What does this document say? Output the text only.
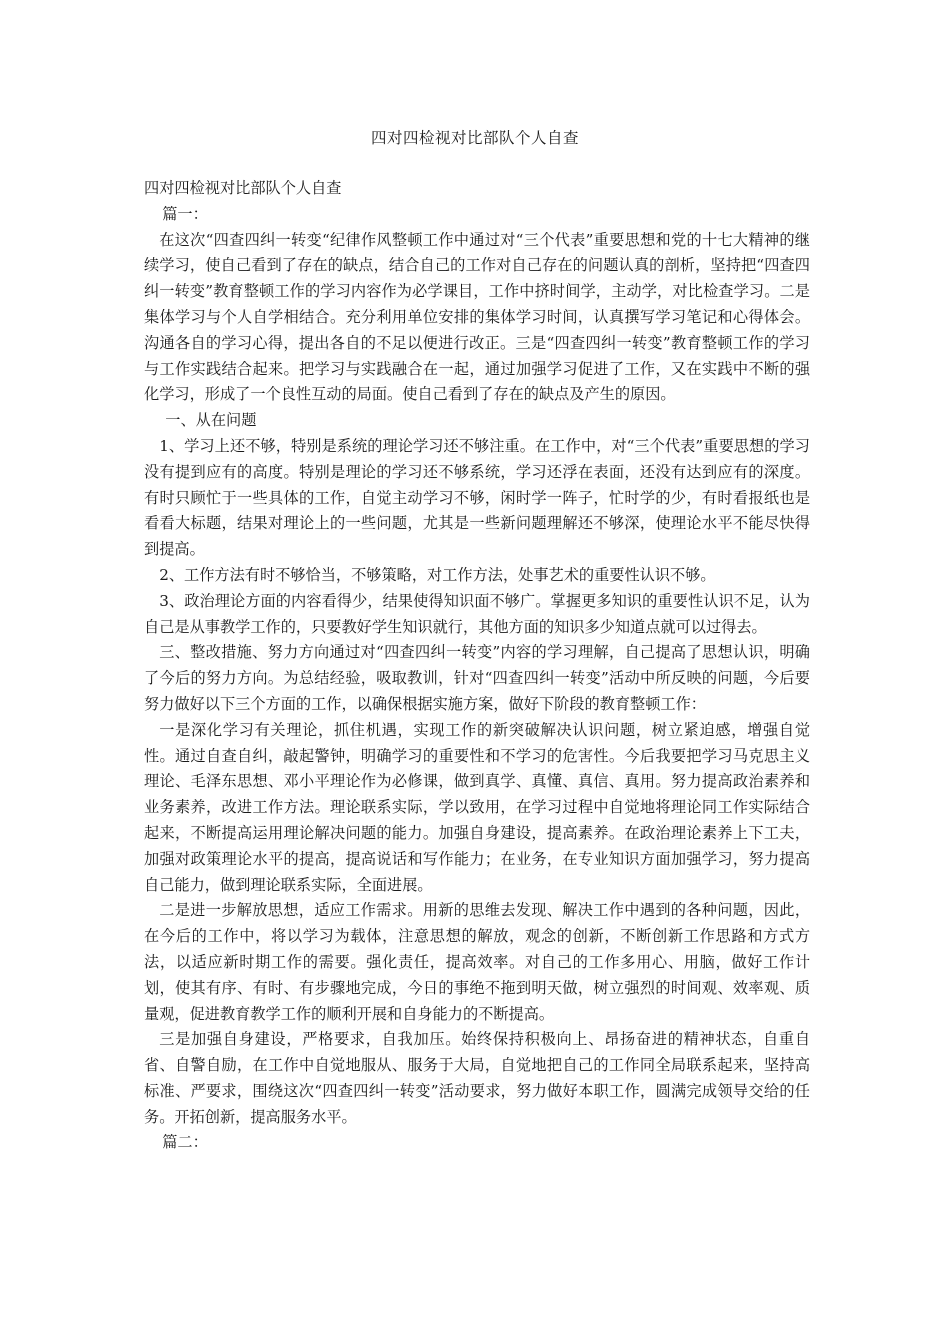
四对四检视对比部队个人自查

四对四检视对比部队个人自查

篇一：

在这次“四查四纠一转变“纪律作风整顿工作中通过对“三个代表”重要思想和党的十七大精神的继续学习，使自己看到了存在的缺点，结合自己的工作对自己存在的问题认真的剖析，坚持把“四查四纠一转变”教育整顿工作的学习内容作为必学课目，工作中挤时间学，主动学，对比检查学习。二是集体学习与个人自学相结合。充分利用单位安排的集体学习时间，认真撰写学习笔记和心得体会。沟通各自的学习心得，提出各自的不足以便进行改正。三是“四查四纠一转变”教育整顿工作的学习与工作实践结合起来。把学习与实践融合在一起，通过加强学习促进了工作，又在实践中不断的强化学习，形成了一个良性互动的局面。使自己看到了存在的缺点及产生的原因。

一、从在问题

1、学习上还不够，特别是系统的理论学习还不够注重。在工作中，对“三个代表”重要思想的学习没有提到应有的高度。特别是理论的学习还不够系统，学习还浮在表面，还没有达到应有的深度。有时只顾忙于一些具体的工作，自觉主动学习不够，闲时学一阵子，忙时学的少，有时看报纸也是看看大标题，结果对理论上的一些问题，尤其是一些新问题理解还不够深，使理论水平不能尽快得到提高。

2、工作方法有时不够恰当，不够策略，对工作方法，处事艺术的重要性认识不够。

3、政治理论方面的内容看得少，结果使得知识面不够广。掌握更多知识的重要性认识不足，认为自己是从事教学工作的，只要教好学生知识就行，其他方面的知识多少知道点就可以过得去。

三、整改措施、努力方向通过对“四查四纠一转变”内容的学习理解，自己提高了思想认识，明确了今后的努力方向。为总结经验，吸取教训，针对“四查四纠一转变”活动中所反映的问题，今后要努力做好以下三个方面的工作，以确保根据实施方案，做好下阶段的教育整顿工作：

一是深化学习有关理论，抓住机遇，实现工作的新突破解决认识问题，树立紧迫感，增强自觉性。通过自查自纠，敲起警钟，明确学习的重要性和不学习的危害性。今后我要把学习马克思主义理论、毛泽东思想、邓小平理论作为必修课，做到真学、真懂、真信、真用。努力提高政治素养和业务素养，改进工作方法。理论联系实际，学以致用，在学习过程中自觉地将理论同工作实际结合起来，不断提高运用理论解决问题的能力。加强自身建设，提高素养。在政治理论素养上下工夫，加强对政策理论水平的提高，提高说话和写作能力；在业务，在专业知识方面加强学习，努力提高自己能力，做到理论联系实际，全面进展。

二是进一步解放思想，适应工作需求。用新的思维去发现、解决工作中遇到的各种问题，因此，在今后的工作中，将以学习为载体，注意思想的解放，观念的创新，不断创新工作思路和方式方法，以适应新时期工作的需要。强化责任，提高效率。对自己的工作多用心、用脑，做好工作计划，使其有序、有时、有步骤地完成，今日的事绝不拖到明天做，树立强烈的时间观、效率观、质量观，促进教育教学工作的顺利开展和自身能力的不断提高。

三是加强自身建设，严格要求，自我加压。始终保持积极向上、昂扬奋进的精神状态，自重自省、自警自励，在工作中自觉地服从、服务于大局，自觉地把自己的工作同全局联系起来，坚持高标准、严要求，围绕这次“四查四纠一转变”活动要求，努力做好本职工作，圆满完成领导交给的任务。开拓创新，提高服务水平。

篇二：
